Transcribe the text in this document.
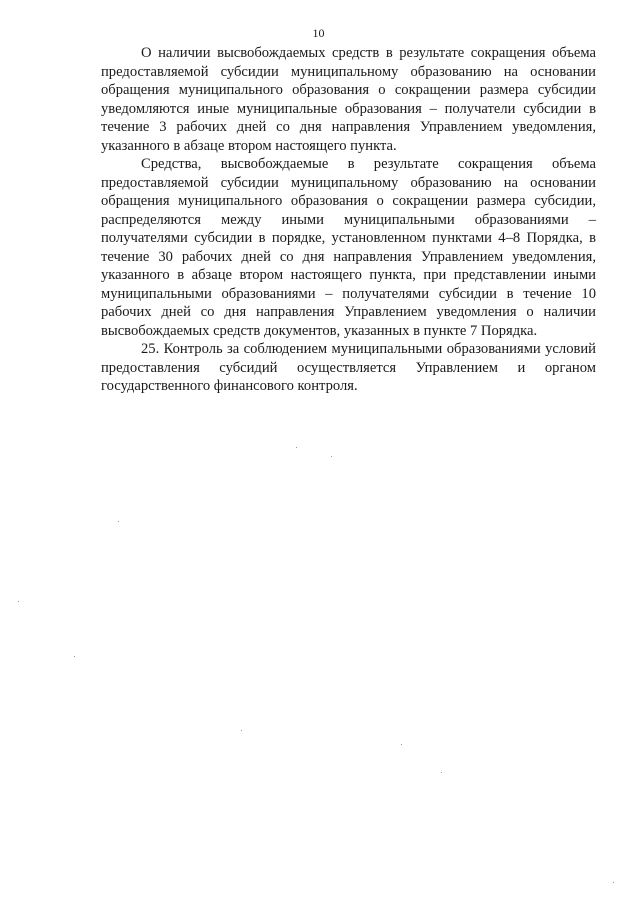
10

О наличии высвобождаемых средств в результате сокращения объема предоставляемой субсидии муниципальному образованию на основании обращения муниципального образования о сокращении размера субсидии уведомляются иные муниципальные образования – получатели субсидии в течение 3 рабочих дней со дня направления Управлением уведомления, указанного в абзаце втором настоящего пункта.

Средства, высвобождаемые в результате сокращения объема предоставляемой субсидии муниципальному образованию на основании обращения муниципального образования о сокращении размера субсидии, распределяются между иными муниципальными образованиями – получателями субсидии в порядке, установленном пунктами 4–8 Порядка, в течение 30 рабочих дней со дня направления Управлением уведомления, указанного в абзаце втором настоящего пункта, при представлении иными муниципальными образованиями – получателями субсидии в течение 10 рабочих дней со дня направления Управлением уведомления о наличии высвобождаемых средств документов, указанных в пункте 7 Порядка.

25. Контроль за соблюдением муниципальными образованиями условий предоставления субсидий осуществляется Управлением и органом государственного финансового контроля.
